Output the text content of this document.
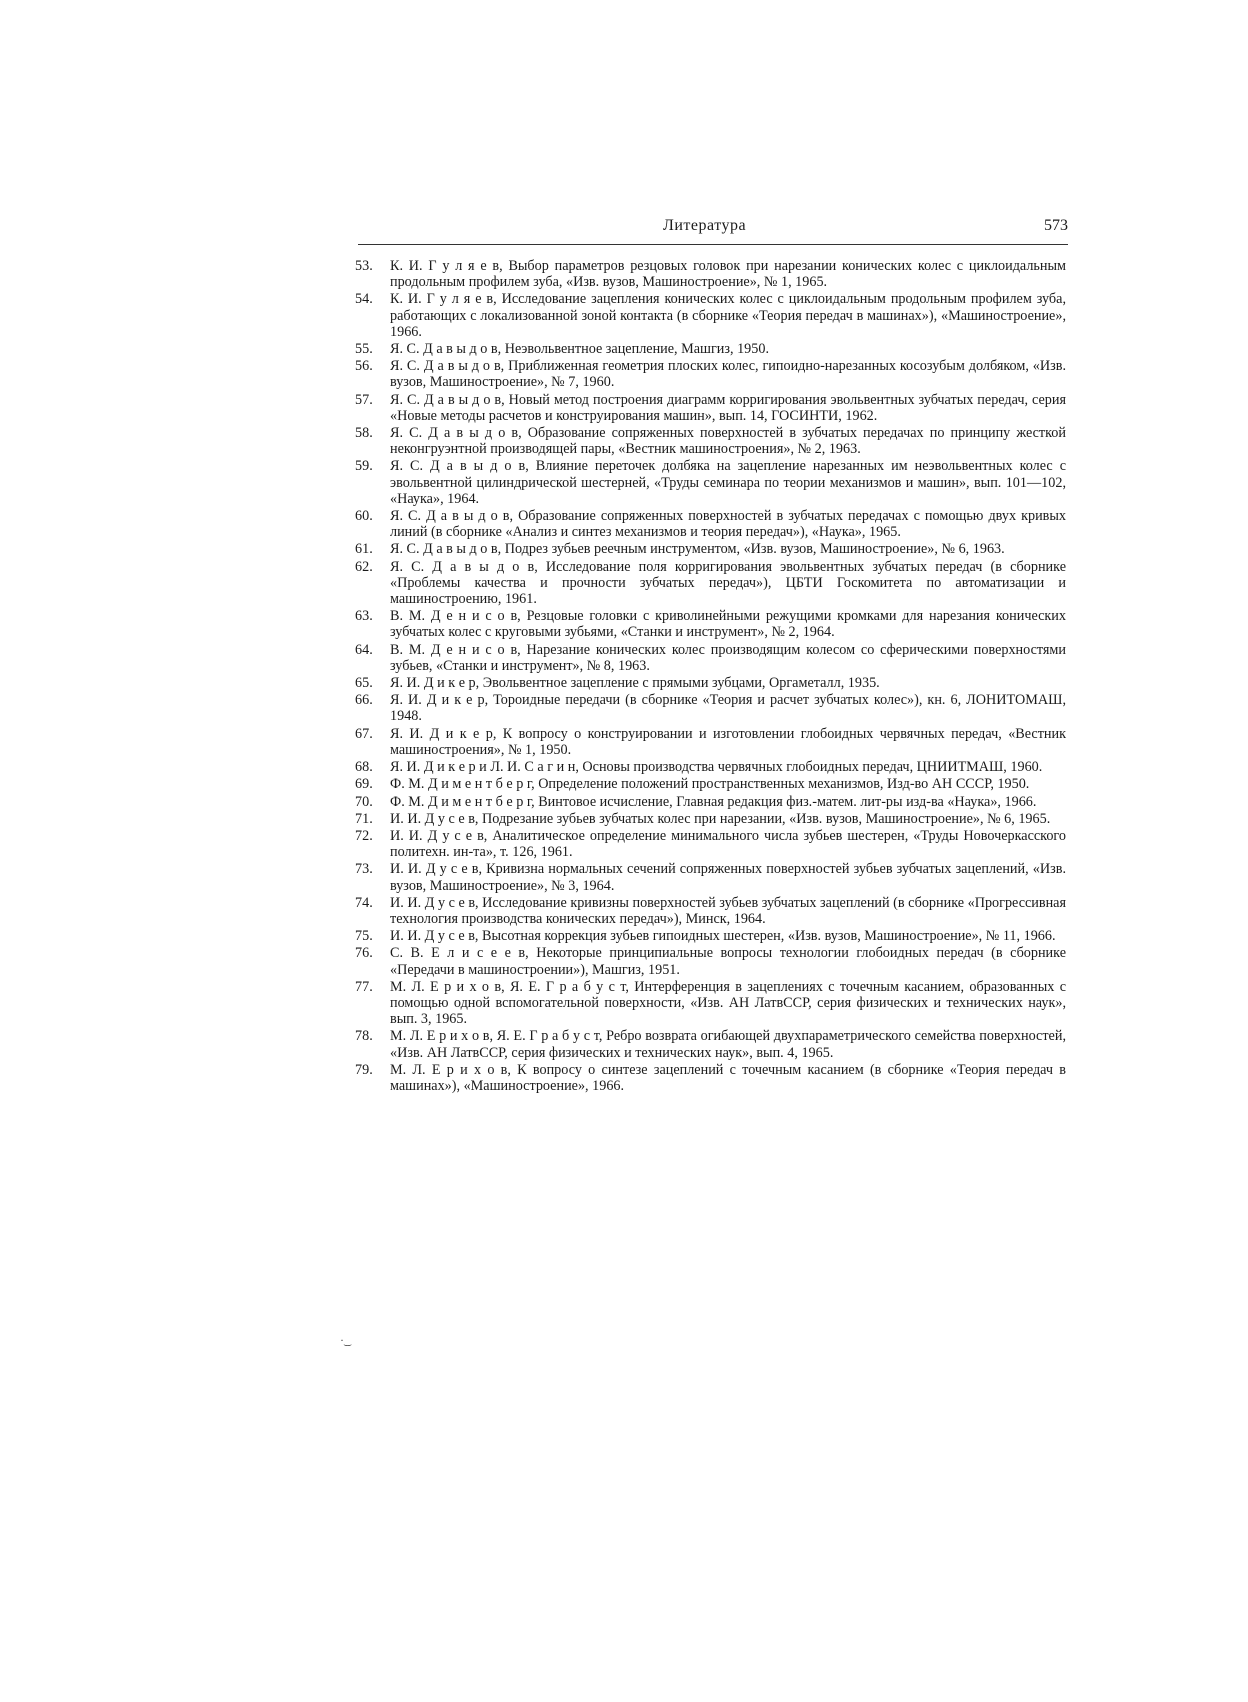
Литература	573
·͜
53.	К. И. Г у л я е в, Выбор параметров резцовых головок при нарезании конических колес с циклоидальным продольным профилем зуба, «Изв. вузов, Машиностроение», № 1, 1965.
54.	К. И. Г у л я е в, Исследование зацепления конических колес с циклоидальным продольным профилем зуба, работающих с локализованной зоной контакта (в сборнике «Теория передач в машинах»), «Машиностроение», 1966.
55.	Я. С. Д а в ы д о в, Неэвольвентное зацепление, Машгиз, 1950.
56.	Я. С. Д а в ы д о в, Приближенная геометрия плоских колес, гипоидно-нарезанных косозубым долбяком, «Изв. вузов, Машиностроение», № 7, 1960.
57.	Я. С. Д а в ы д о в, Новый метод построения диаграмм корригирования эвольвентных зубчатых передач, серия «Новые методы расчетов и конструирования машин», вып. 14, ГОСИНТИ, 1962.
58.	Я. С. Д а в ы д о в, Образование сопряженных поверхностей в зубчатых передачах по принципу жесткой неконгруэнтной производящей пары, «Вестник машиностроения», № 2, 1963.
59.	Я. С. Д а в ы д о в, Влияние переточек долбяка на зацепление нарезанных им неэвольвентных колес с эвольвентной цилиндрической шестерней, «Труды семинара по теории механизмов и машин», вып. 101—102, «Наука», 1964.
60.	Я. С. Д а в ы д о в, Образование сопряженных поверхностей в зубчатых передачах с помощью двух кривых линий (в сборнике «Анализ и синтез механизмов и теория передач»), «Наука», 1965.
61.	Я. С. Д а в ы д о в, Подрез зубьев реечным инструментом, «Изв. вузов, Машиностроение», № 6, 1963.
62.	Я. С. Д а в ы д о в, Исследование поля корригирования эвольвентных зубчатых передач (в сборнике «Проблемы качества и прочности зубчатых передач»), ЦБТИ Госкомитета по автоматизации и машиностроению, 1961.
63.	В. М. Д е н и с о в, Резцовые головки с криволинейными режущими кромками для нарезания конических зубчатых колес с круговыми зубьями, «Станки и инструмент», № 2, 1964.
64.	В. М. Д е н и с о в, Нарезание конических колес производящим колесом со сферическими поверхностями зубьев, «Станки и инструмент», № 8, 1963.
65.	Я. И. Д и к е р, Эвольвентное зацепление с прямыми зубцами, Оргаметалл, 1935.
66.	Я. И. Д и к е р, Тороидные передачи (в сборнике «Теория и расчет зубчатых колес»), кн. 6, ЛОНИТОМАШ, 1948.
67.	Я. И. Д и к е р, К вопросу о конструировании и изготовлении глобоидных червячных передач, «Вестник машиностроения», № 1, 1950.
68.	Я. И. Д и к е р и Л. И. С а г и н, Основы производства червячных глобоидных передач, ЦНИИТМАШ, 1960.
69.	Ф. М. Д и м е н т б е р г, Определение положений пространственных механизмов, Изд-во АН СССР, 1950.
70.	Ф. М. Д и м е н т б е р г, Винтовое исчисление, Главная редакция физ.-матем. лит-ры изд-ва «Наука», 1966.
71.	И. И. Д у с е в, Подрезание зубьев зубчатых колес при нарезании, «Изв. вузов, Машиностроение», № 6, 1965.
72.	И. И. Д у с е в, Аналитическое определение минимального числа зубьев шестерен, «Труды Новочеркасского политехн. ин-та», т. 126, 1961.
73.	И. И. Д у с е в, Кривизна нормальных сечений сопряженных поверхностей зубьев зубчатых зацеплений, «Изв. вузов, Машиностроение», № 3, 1964.
74.	И. И. Д у с е в, Исследование кривизны поверхностей зубьев зубчатых зацеплений (в сборнике «Прогрессивная технология производства конических передач»), Минск, 1964.
75.	И. И. Д у с е в, Высотная коррекция зубьев гипоидных шестерен, «Изв. вузов, Машиностроение», № 11, 1966.
76.	С. В. Е л и с е е в, Некоторые принципиальные вопросы технологии глобоидных передач (в сборнике «Передачи в машиностроении»), Машгиз, 1951.
77.	М. Л. Е р и х о в, Я. Е. Г р а б у с т, Интерференция в зацеплениях с точечным касанием, образованных с помощью одной вспомогательной поверхности, «Изв. АН ЛатвССР, серия физических и технических наук», вып. 3, 1965.
78.	М. Л. Е р и х о в, Я. Е. Г р а б у с т, Ребро возврата огибающей двухпараметрического семейства поверхностей, «Изв. АН ЛатвССР, серия физических и технических наук», вып. 4, 1965.
79.	М. Л. Е р и х о в, К вопросу о синтезе зацеплений с точечным касанием (в сборнике «Теория передач в машинах»), «Машиностроение», 1966.
